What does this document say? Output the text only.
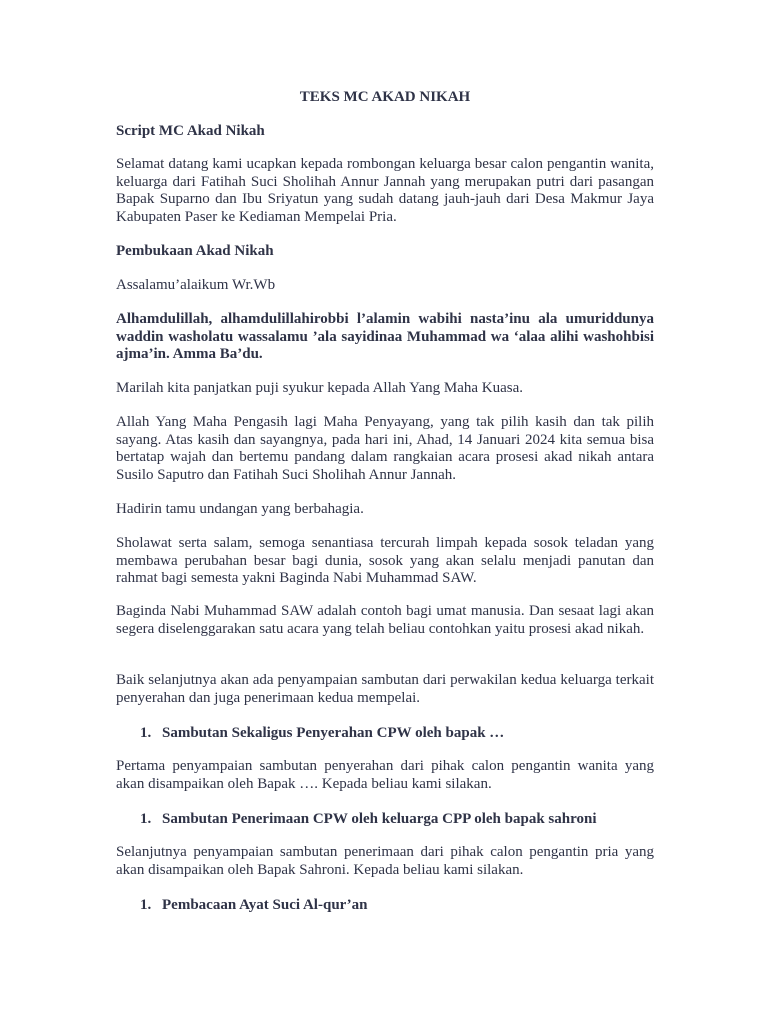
TEKS MC AKAD NIKAH
Script MC Akad Nikah
Selamat datang kami ucapkan kepada rombongan keluarga besar calon pengantin wanita, keluarga dari Fatihah Suci Sholihah Annur Jannah yang merupakan putri dari pasangan Bapak Suparno dan Ibu Sriyatun yang sudah datang jauh-jauh dari Desa Makmur Jaya Kabupaten Paser ke Kediaman Mempelai Pria.
Pembukaan Akad Nikah
Assalamu’alaikum Wr.Wb
Alhamdulillah, alhamdulillahirobbi l’alamin wabihi nasta’inu ala umuriddunya waddin washolatu wassalamu ’ala sayidinaa Muhammad wa ‘alaa alihi washohbisi ajma’in. Amma Ba’du.
Marilah kita panjatkan puji syukur kepada Allah Yang Maha Kuasa.
Allah Yang Maha Pengasih lagi Maha Penyayang, yang tak pilih kasih dan tak pilih sayang. Atas kasih dan sayangnya, pada hari ini, Ahad, 14 Januari 2024 kita semua bisa bertatap wajah dan bertemu pandang dalam rangkaian acara prosesi akad nikah antara Susilo Saputro dan Fatihah Suci Sholihah Annur Jannah.
Hadirin tamu undangan yang berbahagia.
Sholawat serta salam, semoga senantiasa tercurah limpah kepada sosok teladan yang membawa perubahan besar bagi dunia, sosok yang akan selalu menjadi panutan dan rahmat bagi semesta yakni Baginda Nabi Muhammad SAW.
Baginda Nabi Muhammad SAW adalah contoh bagi umat manusia. Dan sesaat lagi akan segera diselenggarakan satu acara yang telah beliau contohkan yaitu prosesi akad nikah.
Baik selanjutnya akan ada penyampaian sambutan dari perwakilan kedua keluarga terkait penyerahan dan juga penerimaan kedua mempelai.
1. Sambutan Sekaligus Penyerahan CPW oleh bapak …
Pertama penyampaian sambutan penyerahan dari pihak calon pengantin wanita yang akan disampaikan oleh Bapak …. Kepada beliau kami silakan.
1. Sambutan Penerimaan CPW oleh keluarga CPP oleh bapak sahroni
Selanjutnya penyampaian sambutan penerimaan dari pihak calon pengantin pria yang akan disampaikan oleh Bapak Sahroni. Kepada beliau kami silakan.
1. Pembacaan Ayat Suci Al-qur’an
